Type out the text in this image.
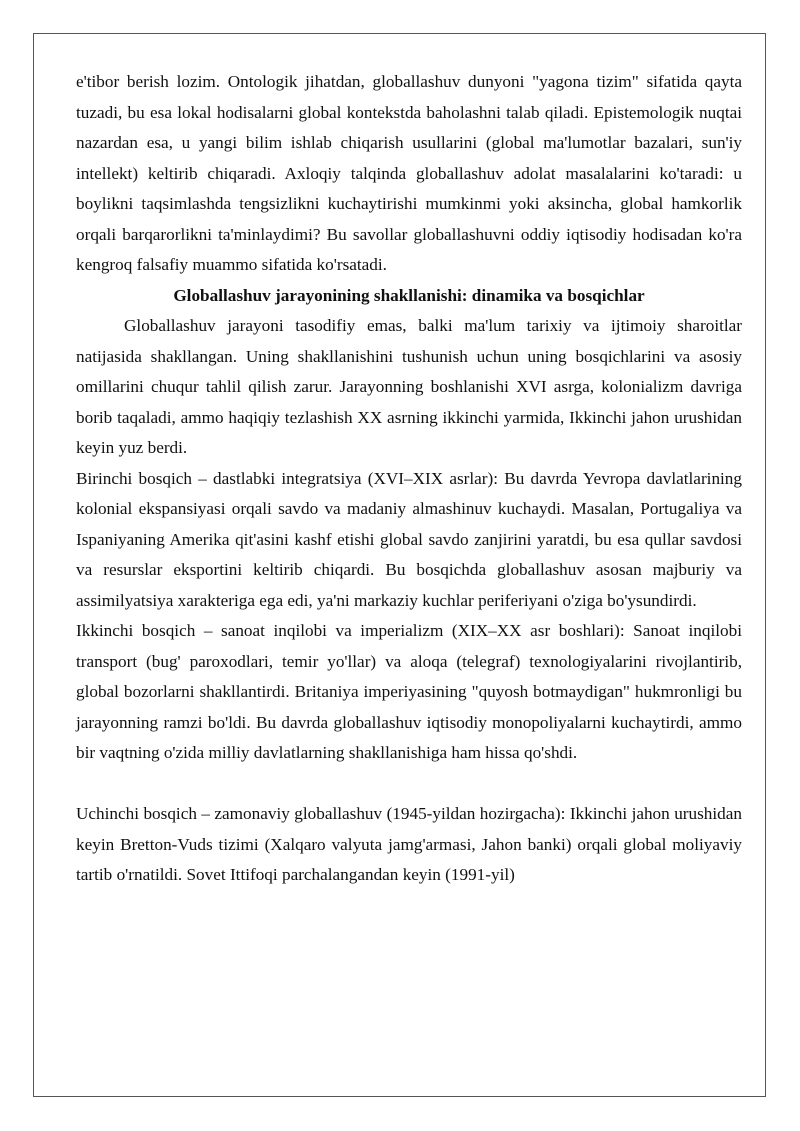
e'tibor berish lozim. Ontologik jihatdan, globallashuv dunyoni "yagona tizim" sifatida qayta tuzadi, bu esa lokal hodisalarni global kontekstda baholashni talab qiladi. Epistemologik nuqtai nazardan esa, u yangi bilim ishlab chiqarish usullarini (global ma'lumotlar bazalari, sun'iy intellekt) keltirib chiqaradi. Axloqiy talqinda globallashuv adolat masalalarini ko'taradi: u boylikni taqsimlashda tengsizlikni kuchaytirishi mumkinmi yoki aksincha, global hamkorlik orqali barqarorlikni ta'minlaydimi? Bu savollar globallashuvni oddiy iqtisodiy hodisadan ko'ra kengroq falsafiy muammo sifatida ko'rsatadi.

Globallashuv jarayonining shakllanishi: dinamika va bosqichlar

Globallashuv jarayoni tasodifiy emas, balki ma'lum tarixiy va ijtimoiy sharoitlar natijasida shakllangan. Uning shakllanishini tushunish uchun uning bosqichlarini va asosiy omillarini chuqur tahlil qilish zarur. Jarayonning boshlanishi XVI asrga, kolonializm davriga borib taqaladi, ammo haqiqiy tezlashish XX asrning ikkinchi yarmida, Ikkinchi jahon urushidan keyin yuz berdi.

Birinchi bosqich – dastlabki integratsiya (XVI–XIX asrlar): Bu davrda Yevropa davlatlarining kolonial ekspansiyasi orqali savdo va madaniy almashinuv kuchaydi. Masalan, Portugaliya va Ispaniyaning Amerika qit'asini kashf etishi global savdo zanjirini yaratdi, bu esa qullar savdosi va resurslar eksportini keltirib chiqardi. Bu bosqichda globallashuv asosan majburiy va assimilyatsiya xarakteriga ega edi, ya'ni markaziy kuchlar periferiyani o'ziga bo'ysundirdi.

Ikkinchi bosqich – sanoat inqilobi va imperializm (XIX–XX asr boshlari): Sanoat inqilobi transport (bug' paroxodlari, temir yo'llar) va aloqa (telegraf) texnologiyalarini rivojlantirib, global bozorlarni shakllantirdi. Britaniya imperiyasining "quyosh botmaydigan" hukmronligi bu jarayonning ramzi bo'ldi. Bu davrda globallashuv iqtisodiy monopoliyalarni kuchaytirdi, ammo bir vaqtning o'zida milliy davlatlarning shakllanishiga ham hissa qo'shdi.

Uchinchi bosqich – zamonaviy globallashuv (1945-yildan hozirgacha): Ikkinchi jahon urushidan keyin Bretton-Vuds tizimi (Xalqaro valyuta jamg'armasi, Jahon banki) orqali global moliyaviy tartib o'rnatildi. Sovet Ittifoqi parchalangandan keyin (1991-yil)
